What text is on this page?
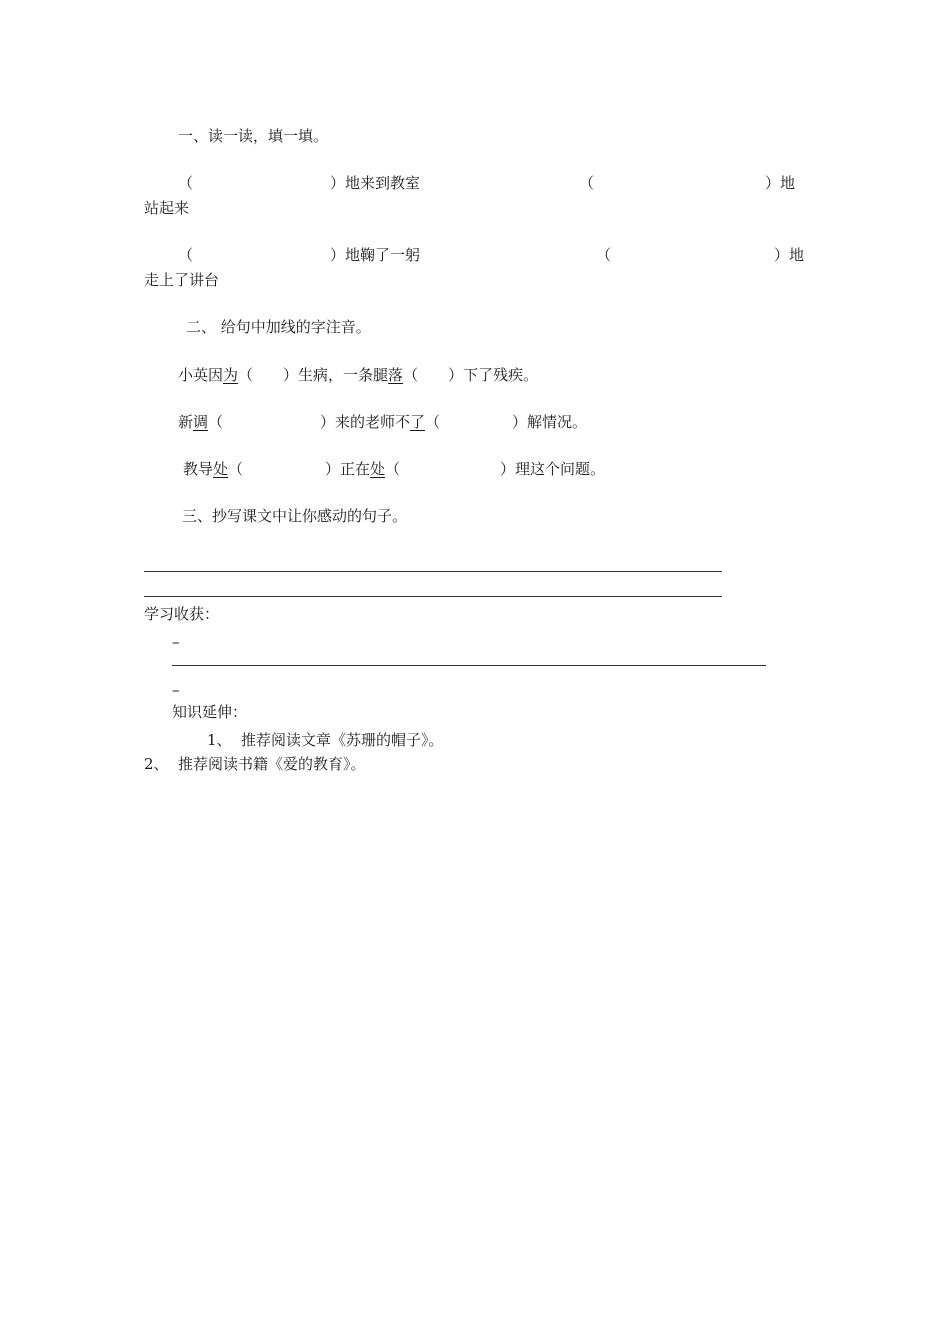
一、读一读，填一填。
（	）地来到教室	（	）地
站起来
（	）地鞠了一躬	（	）地
走上了讲台
二、 给句中加线的字注音。
小英因为（　　）生病，一条腿落（　　）下了残疾。
新调（	）来的老师不了（	）解情况。
教导处（	）正在处（	）理这个问题。
三、抄写课文中让你感动的句子。
学习收获：
–
–
知识延伸：
1、 推荐阅读文章《苏珊的帽子》。
2、 推荐阅读书籍《爱的教育》。
